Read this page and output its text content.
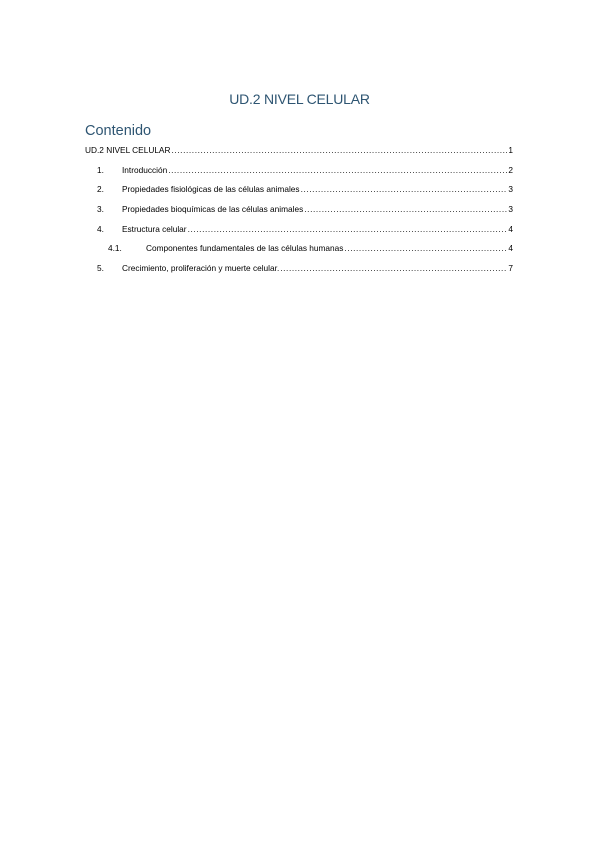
UD.2 NIVEL CELULAR
Contenido
UD.2 NIVEL CELULAR .....	1
1.	Introducción .....	2
2.	Propiedades fisiológicas de las células animales .....	3
3.	Propiedades bioquímicas de las células animales .....	3
4.	Estructura celular .....	4
4.1.	Componentes fundamentales de las células humanas .....	4
5.	Crecimiento, proliferación y muerte celular. .....	7
